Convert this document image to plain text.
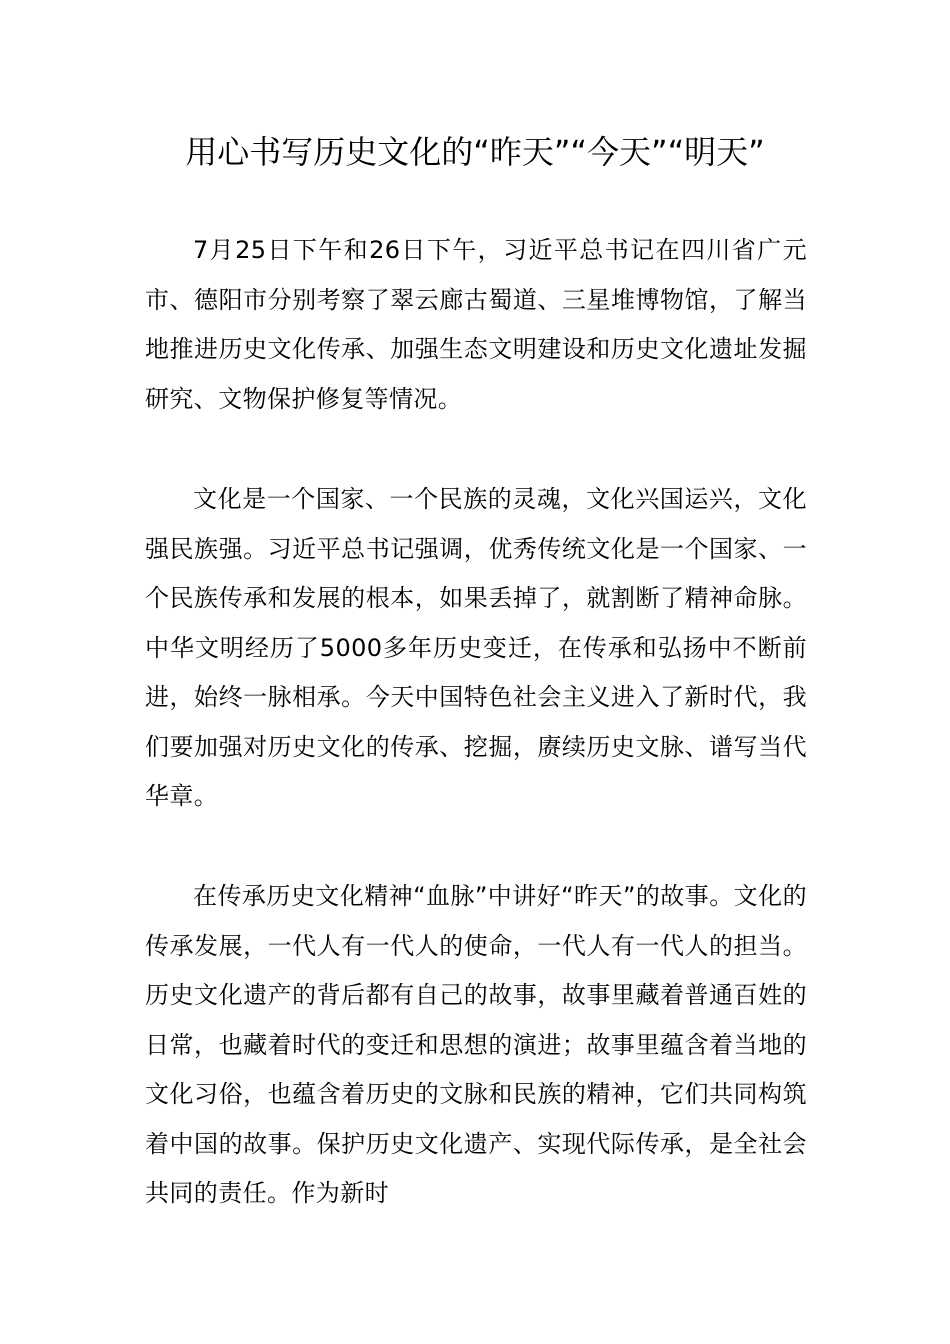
用心书写历史文化的“昨天”“今天”“明天”

7月25日下午和26日下午，习近平总书记在四川省广元市、德阳市分别考察了翠云廊古蜀道、三星堆博物馆，了解当地推进历史文化传承、加强生态文明建设和历史文化遗址发掘研究、文物保护修复等情况。

文化是一个国家、一个民族的灵魂，文化兴国运兴，文化强民族强。习近平总书记强调，优秀传统文化是一个国家、一个民族传承和发展的根本，如果丢掉了，就割断了精神命脉。中华文明经历了5000多年历史变迁，在传承和弘扬中不断前进，始终一脉相承。今天中国特色社会主义进入了新时代，我们要加强对历史文化的传承、挖掘，赓续历史文脉、谱写当代华章。

在传承历史文化精神“血脉”中讲好“昨天”的故事。文化的传承发展，一代人有一代人的使命，一代人有一代人的担当。历史文化遗产的背后都有自己的故事，故事里藏着普通百姓的日常，也藏着时代的变迁和思想的演进；故事里蕴含着当地的文化习俗，也蕴含着历史的文脉和民族的精神，它们共同构筑着中国的故事。保护历史文化遗产、实现代际传承，是全社会共同的责任。作为新时
